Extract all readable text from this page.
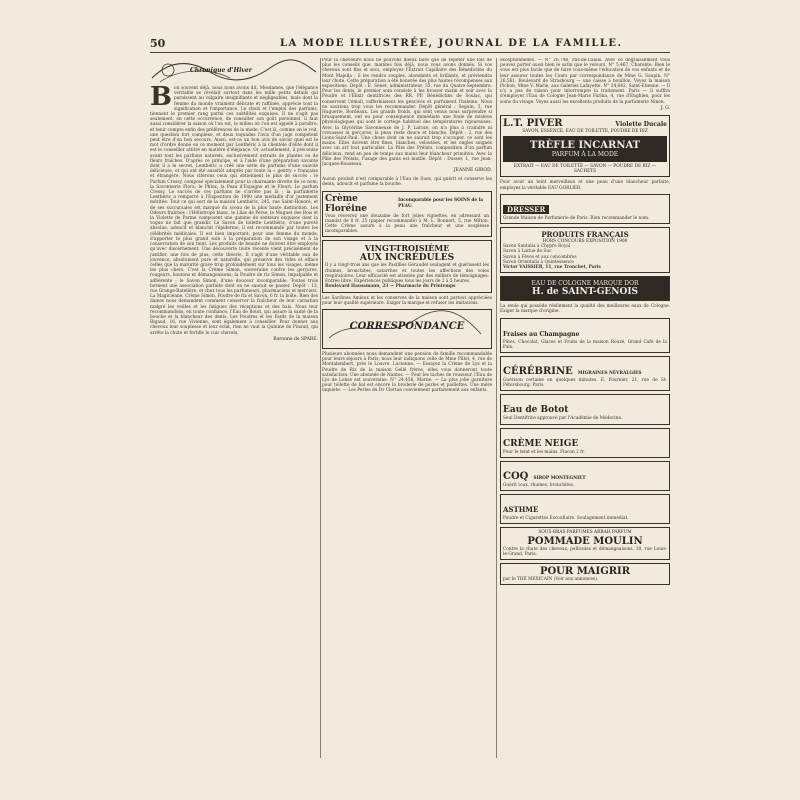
50	LA MODE ILLUSTRÉE, JOURNAL DE LA FAMILLE.
Chronique d'Hiver

Bon souvent déjà, nous nous avons dit, Mesdames, que l'élégance véritable se révélait surtout dans les mille petits détails qui paraissent au vulgaire insignifiants et négligeables, mais dont la femme du monde vraiment délicate et raffinée, apprécie tout la signification et l'importance. Le choix et l'emploi des parfums, tiennent le premier rang parmi ces subtilités exquises. Il ne s'agit pas seulement, en cette occurrence, de consulter son goût personnel, il faut aussi considérer la saison où l'on est, le milieu où l'on est appelé à paraître, et tenir compte enfin des préférences de la mode. C'est là, comme on le voit, une question fort complexe, et deux toquades l'avis d'un juge compétent peut être d'un bon secours. Aussi, est-ce un bon avis de savoir quel est le mot d'ordre donné en ce moment par Lenthéric à la clientèle d'élite dont il est le conseiller attitré en matière d'élégance. Or, actuellement, il préconise avant tout les parfums naturels, exclusivement extraits de plantes ou de fleurs fraîches. D'après ce principe, et à l'aide d'une préparation savante dont il a le secret, Lenthéric a créé une série de parfums d'une suavité délicieuse, et qui ont été aussitôt adoptés par toute la « gentry » française et étrangère. Nous citerons ceux qui obtiennent le plus de succès : le Parfum Cressy, composé spécialement pour la charmante divette de ce nom; la Savonnerie Flora; le Phlox; la Peau d'Espagne et le Fleuri. Le parfum Cressy. Le succès de ces parfums ne s'arrête pas là ; la parfumerie Lenthéric a remporté à l'Exposition de 1900 une médaille d'or justement méritée. Tout ce qui sort de la maison Lenthéric, 245, rue Saint-Honoré, et de ses succursales est marqué du sceau de la plus haute distinction. Les Odeurs fraîches : l'Héliotrope blanc, le Lilas de Perse, le Muguet des Bois et la Violette de Parme composent une gamme de senteurs exquises dont la vogue ne fait que grandir. Le Savon de toilette Lenthéric, d'une pureté absolue, adoucit et blanchit l'épiderme, il est recommandé par toutes les célébrités médicales. Il est bien important, pour une femme du monde, d'apporter le plus grand soin à la préparation de son visage et à la conservation de son teint. Les produits de beauté ne doivent être employés qu'avec discernement. Une découverte toute récente vient précisément de justifier, une fois de plus, cette théorie. Il s'agit d'une véritable eau de jouvence, absolument pure et naturelle, qui préserve des rides et efface celles que la maturité grave trop profondément sur tous les visages, même les plus chers. C'est la Crème Simon, souveraine contre les gerçures, rougeurs, boutons et démangeaisons; la Poudre de riz Simon, impalpable et adhérente ; le Savon Simon, d'une douceur incomparable. Toutes trois forment une association parfaite dont on ne saurait se passer. Dépôt : 13, rue Grange-Batelière, et chez tous les parfumeurs, pharmaciens et merciers. La Magicienne, Crème Simon, Poudre de riz et Savon, 6 fr. la boîte. Bien des dames nous demandent comment conserver la fraîcheur de leur carnation malgré les veilles et les fatigues des réceptions et des bals. Nous leur recommandons, en toute confiance, l'Eau de Botot, qui assure la santé de la bouche et la blancheur des dents. Les Poudres et les Fards de la maison Rigaud, 16, rue Vivienne, sont également à conseiller. Pour donner aux cheveux leur souplesse et leur éclat, rien ne vaut la Quinine de Pinaud, qui arrête la chute et fortifie le cuir chevelu.

Baronne de SPARE.

Pour la chevelure nous ne pouvons mieux faire que de répéter une fois de plus les conseils que, maintes fois déjà, nous vous avons donnés. Si vos cheveux sont fins et secs, employez l'Extrait Capillaire des Bénédictins du Mont Majella ; il les rendra souples, abondants et brillants, et préviendra leur chute. Cette préparation a été honorée des plus hautes récompenses aux expositions. Dépôt : E. Senet, administrateur, 35, rue du Quatre-Septembre. Pour les dents, le premier soin consiste à les brosser matin et soir avec la Poudre et l'Élixir dentifrices des RR. PP. Bénédictins de Soulac, qui conservent l'émail, raffermissent les gencives et parfument l'haleine. Nous ne saurions trop vous les recommander. Dépôt général : Seguin, 3, rue Huguerie, Bordeaux. Les grands froids, qui sont venus nous surprendre si brusquement, ont eu pour conséquence immédiate une foule de misères physiologiques qui sont le cortège habituel des températures rigoureuses. Avec la Glycérine Savonneuse de J. P. Laroze, on n'a plus à craindre ni crevasses ni gerçures; la peau reste douce et blanche. Dépôt : 2, rue des Lions-Saint-Paul. Une chose dont on ne saurait trop s'occuper, ce sont les mains. Elles doivent être fines, blanches, veloutées, et les ongles soignés avec un art tout particulier. La Pâte des Prélats, composition d'un parfum délicieux, rend en peu de temps aux mains leur blancheur primitive. Avec la Pâte des Prélats, l'usage des gants est inutile. Dépôt : Dusser, 1, rue Jean-Jacques-Rousseau.

JEANNE GIROD.

Aucun produit n'est comparable à l'Eau de Suez, qui guérit et conserve les dents, adoucit et parfume la bouche.

Crème Floréine
Incomparable pour les SOINS de la PEAU.

Vous recevrez une douzaine de fort jolies vignettes, en adressant un mandat de 0 fr. 25 (papier recommandé) à M. L. Bonnert, 5, rue Milton. Cette Crème assure à la peau une fraîcheur et une souplesse incomparables.

VINGT-TROISIÈME
AUX INCRÉDULES

Il y a vingt-trois ans que les Pastilles Géraudel soulagent et guérissent les rhumes, bronchites, catarrhes et toutes les affections des voies respiratoires. Leur efficacité est attestée par des milliers de témoignages. Entrée libre. Expériences publiques tous les jours de 2 à 5 heures.

Boulevard Haussmann, 23 — Pharmacie du Printemps

Les Sardines Amieux et les conserves de la maison sont partout appréciées pour leur qualité supérieure. Exiger la marque et refuser les imitations.

CORRESPONDANCE

Plusieurs abonnées nous demandent une pension de famille recommandable pour leurs séjours à Paris; nous leur indiquons celle de Mme Pillot, 4, rue de Montalembert, près le Louvre. Lucienne. — Essayez la Crème de Lys et la Poudre de Riz de la maison Gellé frères, elles vous donneront toute satisfaction. Une abonnée de Nantes. — Pour les taches de rousseur, l'Eau de Lys de Lohse est souveraine. N° 24,456, Marne. — La plus jolie garniture pour toilette de bal est encore la broderie de perles et paillettes. Une mère inquiète. — Les Perles du Dr Clertan conviennent parfaitement aux enfants.

exceptionnelles. — N° 26,748, Pas-de-Calais. Avec ce dégraissement vous pouvez porter aussi bien le satin que le velours. N° 5,467, Charente. Bien le vous est plus facile que de faire vous-même l'éducation de vos enfants et de leur assurer toutes les Cours par correspondance de Mme G. Saupin. N° 26,561, Boulevard de Strasbourg — une caisse à bouillon. Voyez la maison Pichon, Mme V. Marie, aux Galeries Lafayette. N° 24,642, Saint-Etienne. — Il n'y a pas de raison pour interrompre la traitement. Paris — il suffira d'employer l'Eau de Cologne Jean-Marie Farina, 4, rue d'Enghien, pour les soins du visage. Voyez aussi les excellents produits de la parfumerie Ninon.

J. G.
L.T. PIVER	Violette Ducale
SAVON, ESSENCE, EAU DE TOILETTE, POUDRE DE RIZ
TRÈFLE INCARNAT
PARFUM À LA MODE
EXTRAIT — EAU DE TOILETTE — SAVON — POUDRE DE RIZ — SACHETS

Pour avoir un teint merveilleux et une peau d'une blancheur parfaite, employez la véritable EAU GORLIER.

DRESSER

Grande Maison de Parfumerie de Paris. Bien recommander le nom.

PRODUITS FRANÇAIS
HORS CONCOURS EXPOSITION 1900

Savon Santalia à Chypre Royal

Savon à Laitue de Suc

Savon à Fèves et aux concombres

Savon Orientalis à Quintessence

Victor VAISSIER, 11, rue Tronchet, Paris

EAU DE COLOGNE MARQUE DOR
H. de SAINT-GENOIS

La seule qui possède réellement la qualité des meilleures eaux de Cologne. Exiger la marque d'origine.

Fraises au Champagne

Pâtes, Chocolat, Glaces et Fruits de la maison Rouzé, Grand Café de la Paix.

CÉRÉBRINE MIGRAINES NÉVRALGIES

Guérison certaine en quelques minutes. E. Fournier, 21, rue de St-Pétersbourg, Paris.

Eau de Botot

Seul Dentifrice approuvé par l'Académie de Médecine.

CRÈME NEIGE

Pour le teint et les mains. Flacon 2 fr.

COQ SIROP MONTEGNIET

Guérit toux, rhumes, bronchites.

ASTHME

Poudre et Cigarettes Escouflaire. Soulagement immédiat.

SOUS-BRAS PARFUMES ARRAH PARFUM
POMMADE MOULIN

Contre la chute des cheveux, pellicules et démangeaisons. 30, rue Louis-le-Grand, Paris.

POUR MAIGRIR

par le THÉ MEXICAIN (Voir aux annonces).
